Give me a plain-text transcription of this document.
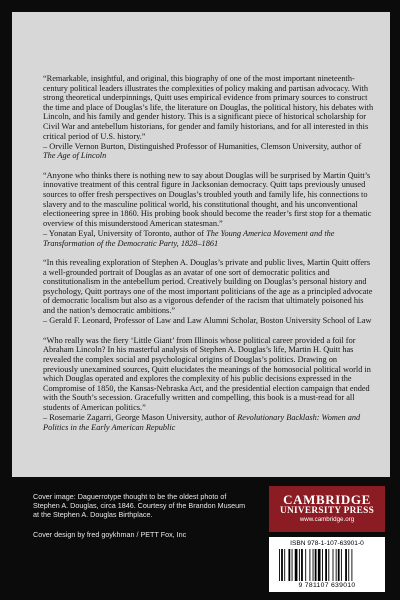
“Remarkable, insightful, and original, this biography of one of the most important nineteenth-century political leaders illustrates the complexities of policy making and partisan advocacy. With strong theoretical underpinnings, Quitt uses empirical evidence from primary sources to construct the time and place of Douglas’s life, the literature on Douglas, the political history, his debates with Lincoln, and his family and gender history. This is a significant piece of historical scholarship for Civil War and antebellum historians, for gender and family historians, and for all interested in this critical period of U.S. history.”

– Orville Vernon Burton, Distinguished Professor of Humanities, Clemson University, author of The Age of Lincoln

“Anyone who thinks there is nothing new to say about Douglas will be surprised by Martin Quitt’s innovative treatment of this central figure in Jacksonian democracy. Quitt taps previously unused sources to offer fresh perspectives on Douglas’s troubled youth and family life, his connections to slavery and to the masculine political world, his constitutional thought, and his unconventional electioneering spree in 1860. His probing book should become the reader’s first stop for a thematic overview of this misunderstood American statesman.”

– Yonatan Eyal, University of Toronto, author of The Young America Movement and the Transformation of the Democratic Party, 1828–1861

“In this revealing exploration of Stephen A. Douglas’s private and public lives, Martin Quitt offers a well-grounded portrait of Douglas as an avatar of one sort of democratic politics and constitutionalism in the antebellum period. Creatively building on Douglas’s personal history and psychology, Quitt portrays one of the most important politicians of the age as a principled advocate of democratic localism but also as a vigorous defender of the racism that ultimately poisoned his and the nation’s democratic ambitions.”

– Gerald F. Leonard, Professor of Law and Law Alumni Scholar, Boston University School of Law

“Who really was the fiery ‘Little Giant’ from Illinois whose political career provided a foil for Abraham Lincoln? In his masterful analysis of Stephen A. Douglas’s life, Martin H. Quitt has revealed the complex social and psychological origins of Douglas’s politics. Drawing on previously unexamined sources, Quitt elucidates the meanings of the homosocial political world in which Douglas operated and explores the complexity of his public decisions expressed in the Compromise of 1850, the Kansas-Nebraska Act, and the presidential election campaign that ended with the South’s secession. Gracefully written and compelling, this book is a must-read for all students of American politics.”

– Rosemarie Zagarri, George Mason University, author of Revolutionary Backlash: Women and Politics in the Early American Republic

Cover image: Daguerrotype thought to be the oldest photo of Stephen A. Douglas, circa 1846. Courtesy of the Brandon Museum at the Stephen A. Douglas Birthplace.

Cover design by fred goykhman / PETT Fox, Inc

CAMBRIDGE
UNIVERSITY PRESS
www.cambridge.org
ISBN 978-1-107-63901-0
9 781107 639010
